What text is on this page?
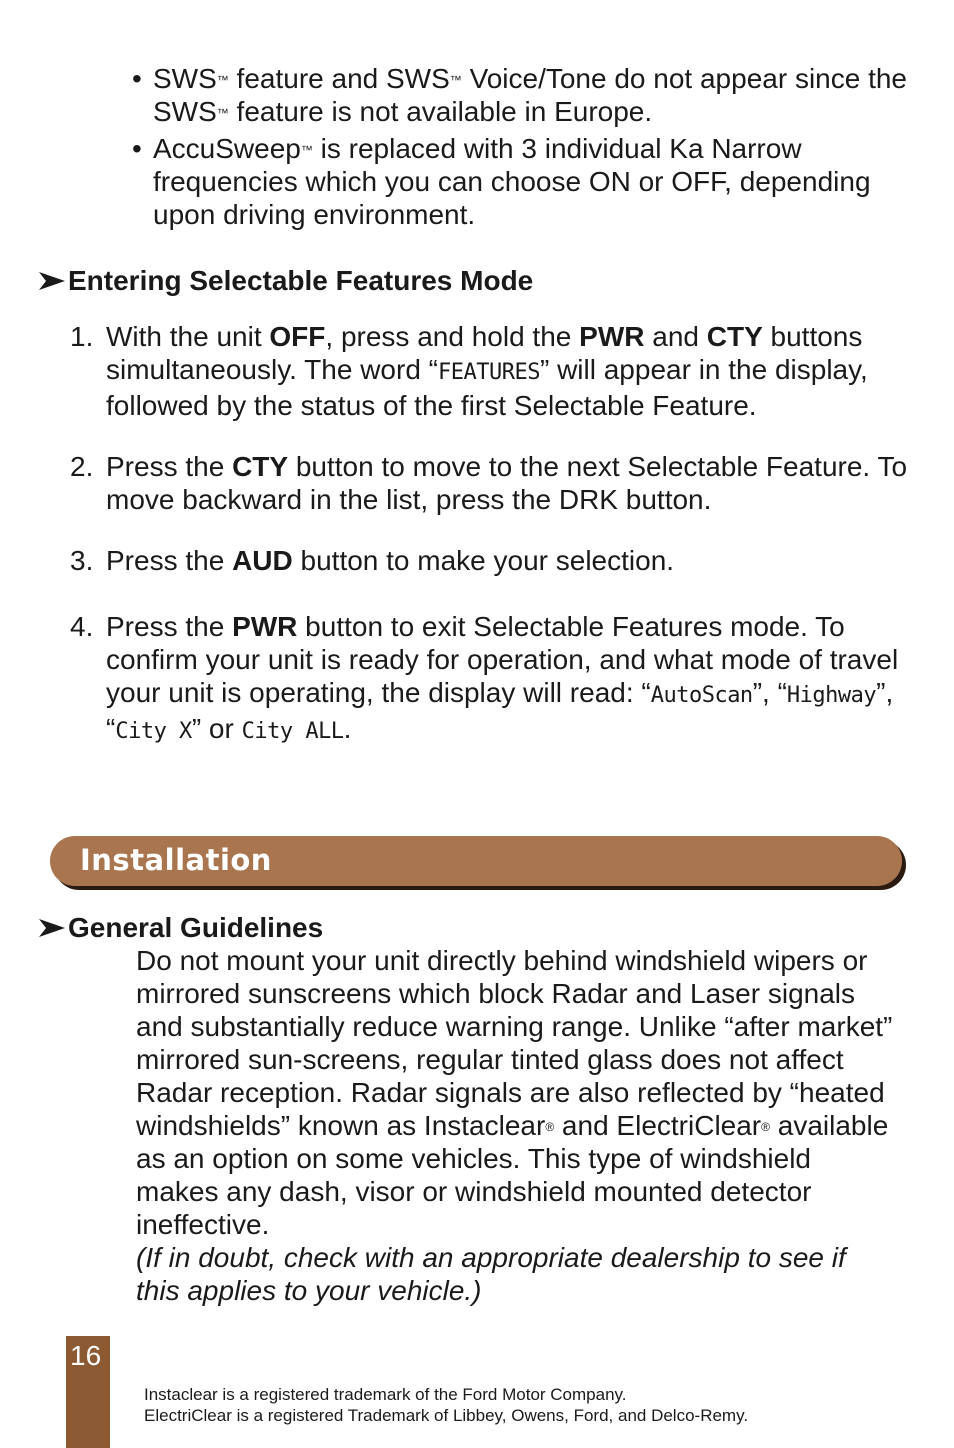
• SWS™ feature and SWS™ Voice/Tone do not appear since the SWS™ feature is not available in Europe.
• AccuSweep™ is replaced with 3 individual Ka Narrow frequencies which you can choose ON or OFF, depending upon driving environment.
Entering Selectable Features Mode
1. With the unit OFF, press and hold the PWR and CTY buttons simultaneously. The word “FEATURES” will appear in the display, followed by the status of the first Selectable Feature.
2. Press the CTY button to move to the next Selectable Feature. To move backward in the list, press the DRK button.
3. Press the AUD button to make your selection.
4. Press the PWR button to exit Selectable Features mode. To confirm your unit is ready for operation, and what mode of travel your unit is operating, the display will read: “AutoScan”, “Highway”, “City X” or City ALL.
Installation
General Guidelines
Do not mount your unit directly behind windshield wipers or mirrored sunscreens which block Radar and Laser signals and substantially reduce warning range. Unlike “after market” mirrored sun-screens, regular tinted glass does not affect Radar reception. Radar signals are also reflected by “heated windshields” known as Instaclear® and ElectriClear® available as an option on some vehicles. This type of windshield makes any dash, visor or windshield mounted detector ineffective.
(If in doubt, check with an appropriate dealership to see if this applies to your vehicle.)
16
Instaclear is a registered trademark of the Ford Motor Company.
ElectriClear is a registered Trademark of Libbey, Owens, Ford, and Delco-Remy.
